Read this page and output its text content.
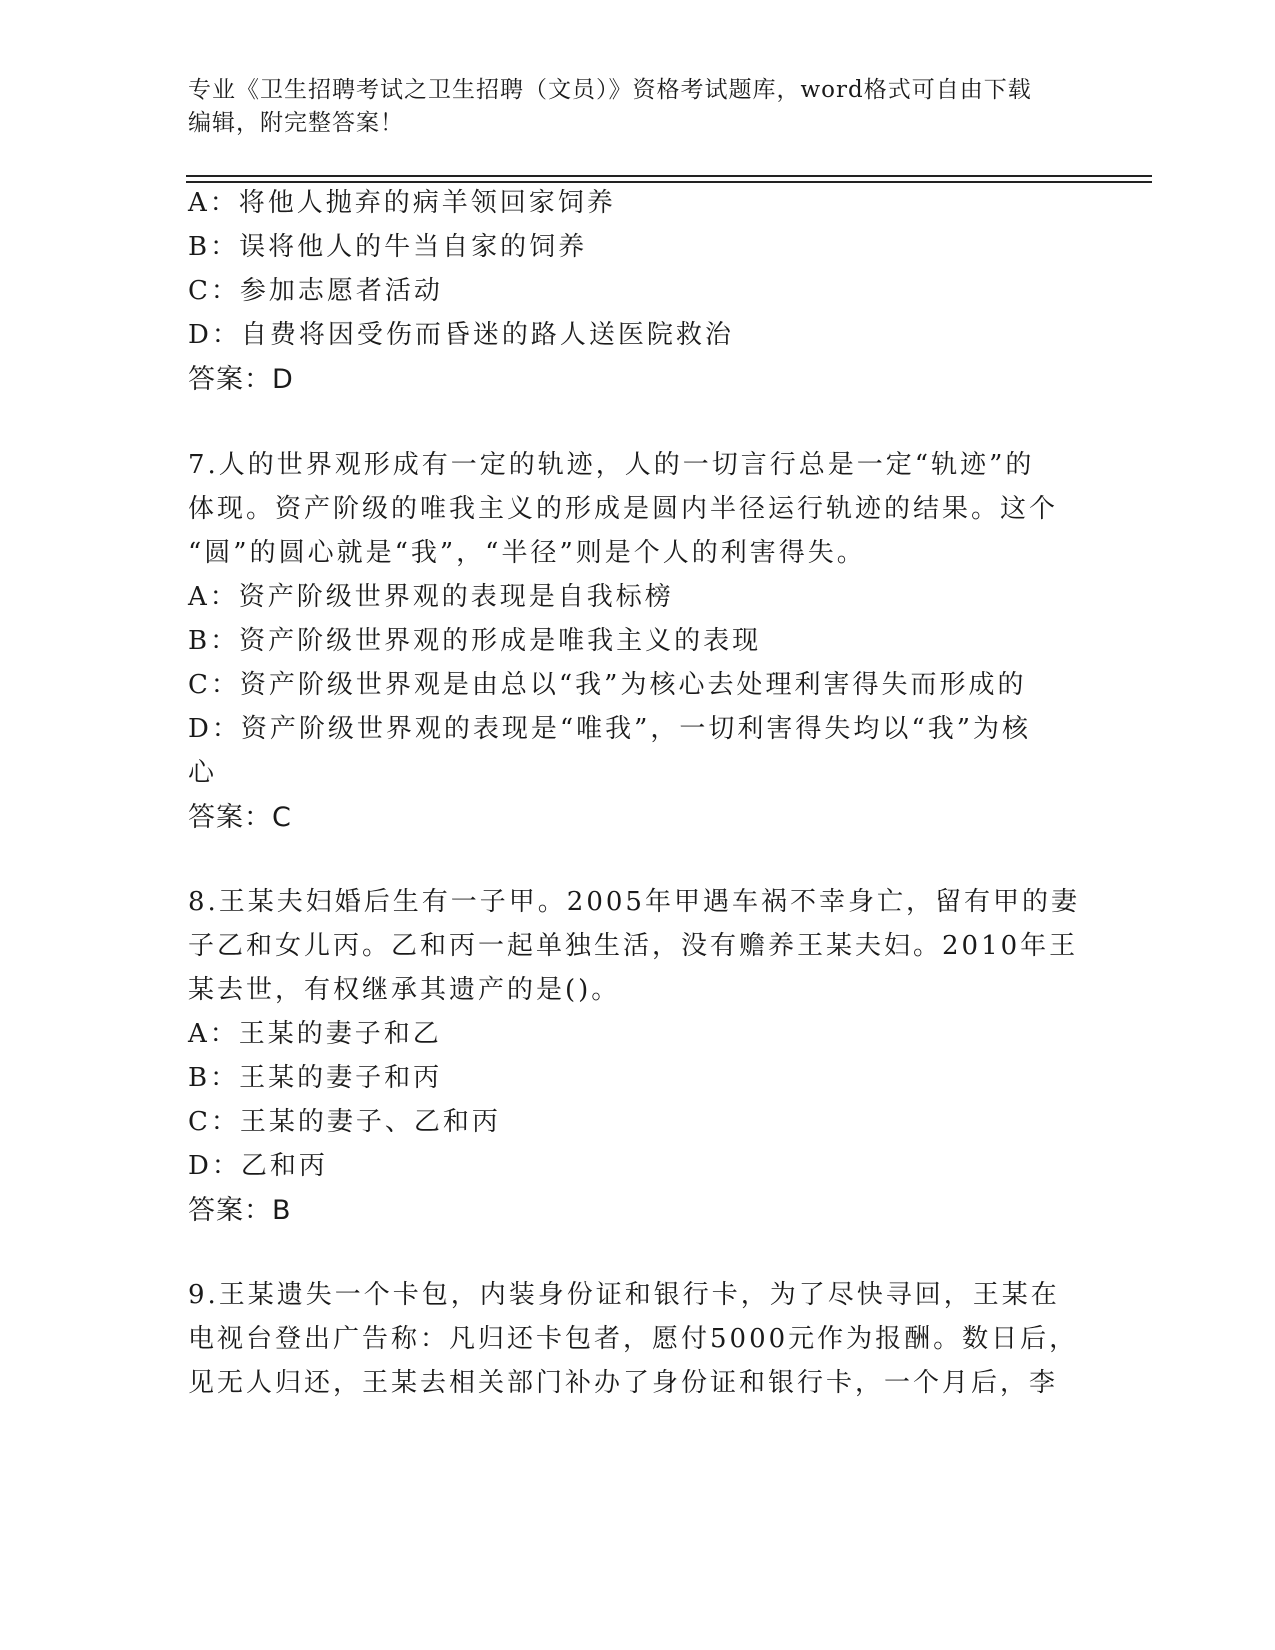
专业《卫生招聘考试之卫生招聘（文员）》资格考试题库，word格式可自由下载
编辑，附完整答案！
A：将他人抛弃的病羊领回家饲养
B：误将他人的牛当自家的饲养
C：参加志愿者活动
D：自费将因受伤而昏迷的路人送医院救治
答案：D
7.人的世界观形成有一定的轨迹，人的一切言行总是一定“轨迹”的
体现。资产阶级的唯我主义的形成是圆内半径运行轨迹的结果。这个
“圆”的圆心就是“我”，“半径”则是个人的利害得失。
A：资产阶级世界观的表现是自我标榜
B：资产阶级世界观的形成是唯我主义的表现
C：资产阶级世界观是由总以“我”为核心去处理利害得失而形成的
D：资产阶级世界观的表现是“唯我”，一切利害得失均以“我”为核
心
答案：C
8.王某夫妇婚后生有一子甲。2005年甲遇车祸不幸身亡，留有甲的妻
子乙和女儿丙。乙和丙一起单独生活，没有赡养王某夫妇。2010年王
某去世，有权继承其遗产的是()。
A：王某的妻子和乙
B：王某的妻子和丙
C：王某的妻子、乙和丙
D：乙和丙
答案：B
9.王某遗失一个卡包，内装身份证和银行卡，为了尽快寻回，王某在
电视台登出广告称：凡归还卡包者，愿付5000元作为报酬。数日后，
见无人归还，王某去相关部门补办了身份证和银行卡，一个月后，李
